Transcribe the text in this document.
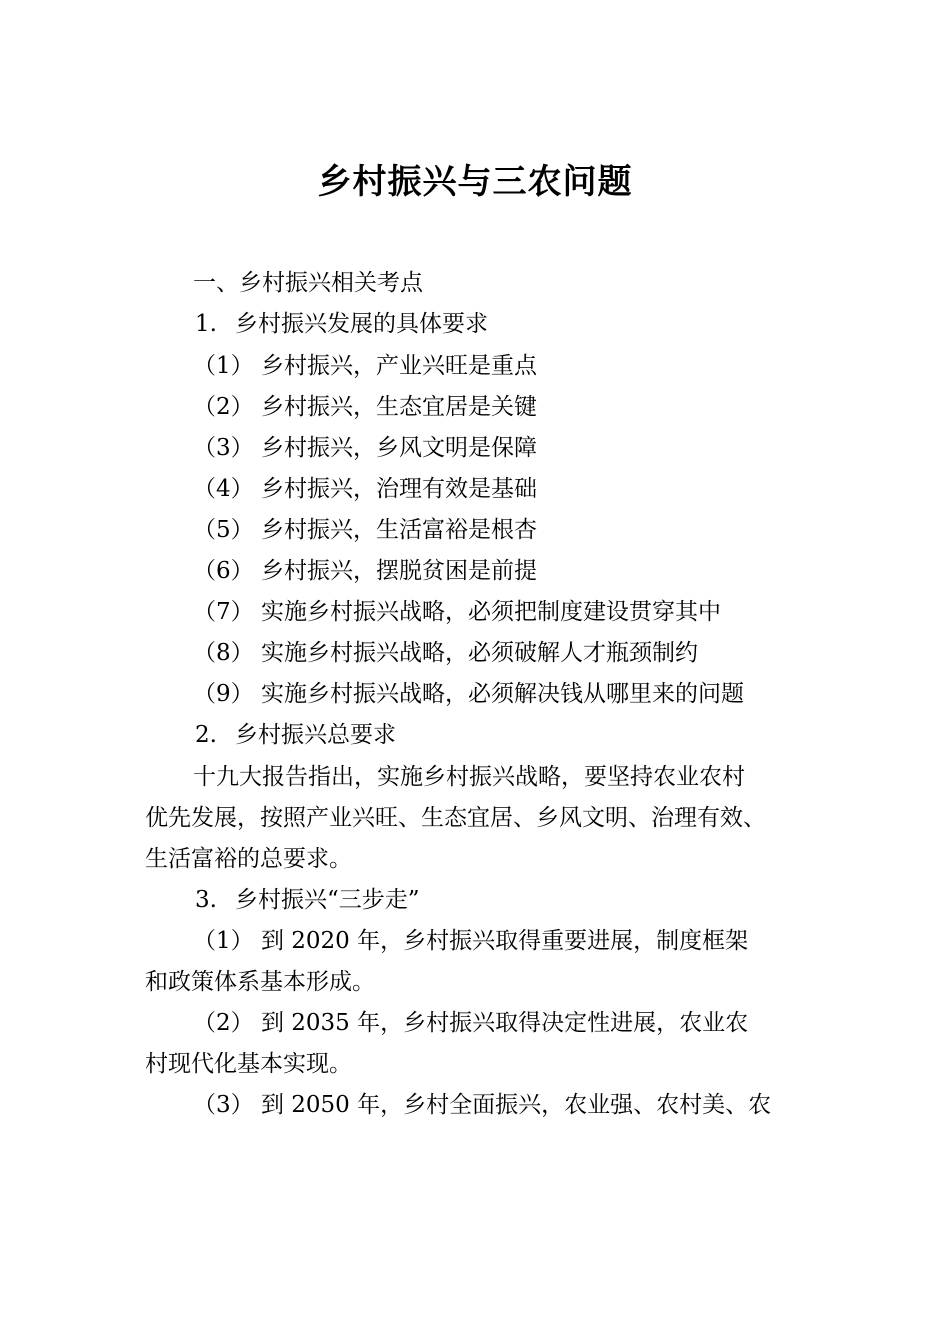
乡村振兴与三农问题
一、乡村振兴相关考点
1. 乡村振兴发展的具体要求
（1） 乡村振兴，产业兴旺是重点
（2） 乡村振兴，生态宜居是关键
（3） 乡村振兴，乡风文明是保障
（4） 乡村振兴，治理有效是基础
（5） 乡村振兴，生活富裕是根杏
（6） 乡村振兴，摆脱贫困是前提
（7） 实施乡村振兴战略，必须把制度建设贯穿其中
（8） 实施乡村振兴战略，必须破解人才瓶颈制约
（9） 实施乡村振兴战略，必须解决钱从哪里来的问题
2. 乡村振兴总要求
十九大报告指出，实施乡村振兴战略，要坚持农业农村
优先发展，按照产业兴旺、生态宜居、乡风文明、治理有效、
生活富裕的总要求。
3. 乡村振兴“三步走”
（1） 到 2020 年，乡村振兴取得重要进展，制度框架
和政策体系基本形成。
（2） 到 2035 年，乡村振兴取得决定性进展，农业农
村现代化基本实现。
（3） 到 2050 年，乡村全面振兴，农业强、农村美、农
